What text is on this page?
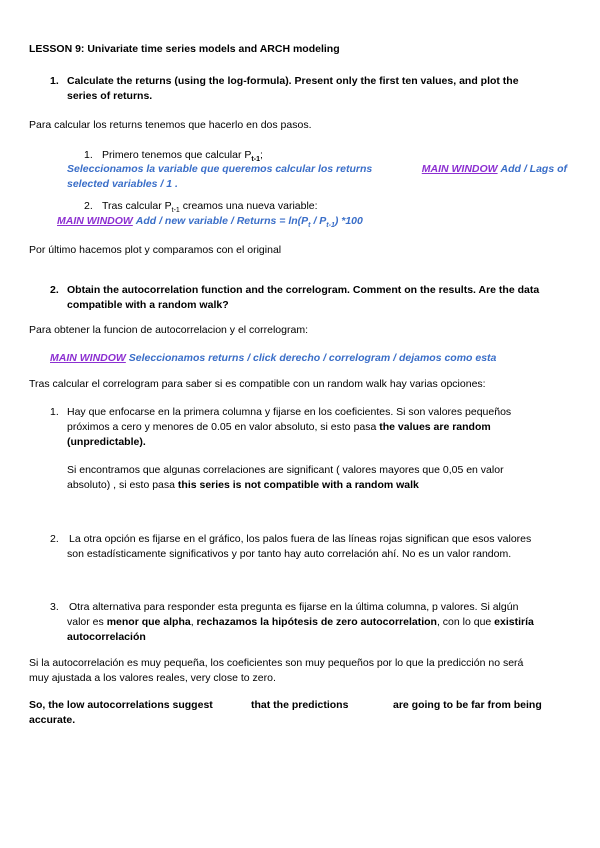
LESSON 9: Univariate time series models and ARCH modeling
1. Calculate the returns (using the log-formula). Present only the first ten values, and plot the
series of returns.
Para calcular los returns tenemos que hacerlo en dos pasos.
1. Primero tenemos que calcular $P_{t-1}$;
Seleccionamos la variable que queremos calcular los returns	MAIN WINDOW Add / Lags of
selected variables / 1 .
2. Tras calcular $P_{t-1}$ creamos una nueva variable:
MAIN WINDOW Add / new variable / Returns = $\ln(P_t / P_{t-1})$ *100
Por último hacemos plot y comparamos con el original
2. Obtain the autocorrelation function and the correlogram. Comment on the results. Are the data
compatible with a random walk?
Para obtener la funcion de autocorrelacion y el correlogram:
MAIN WINDOW Seleccionamos returns / click derecho / correlogram / dejamos como esta
Tras calcular el correlogram para saber si es compatible con un random walk hay varias opciones:
1. Hay que enfocarse en la primera columna y fijarse en los coeficientes. Si son valores pequeños
próximos a cero y menores de 0.05 en valor absoluto, si esto pasa the values are random
(unpredictable).
Si encontramos que algunas correlaciones are significant ( valores mayores que 0,05 en valor
absoluto) , si esto pasa this series is not compatible with a random walk
2. La otra opción es fijarse en el gráfico, los palos fuera de las líneas rojas significan que esos valores
son estadísticamente significativos y por tanto hay auto correlación ahí. No es un valor random.
3. Otra alternativa para responder esta pregunta es fijarse en la última columna, p valores. Si algún
valor es menor que alpha, rechazamos la hipótesis de zero autocorrelation, con lo que existiría
autocorrelación
Si la autocorrelación es muy pequeña, los coeficientes son muy pequeños por lo que la predicción no será
muy ajustada a los valores reales, very close to zero.
So, the low autocorrelations suggest	that the predictions	are going to be far from being
accurate.
